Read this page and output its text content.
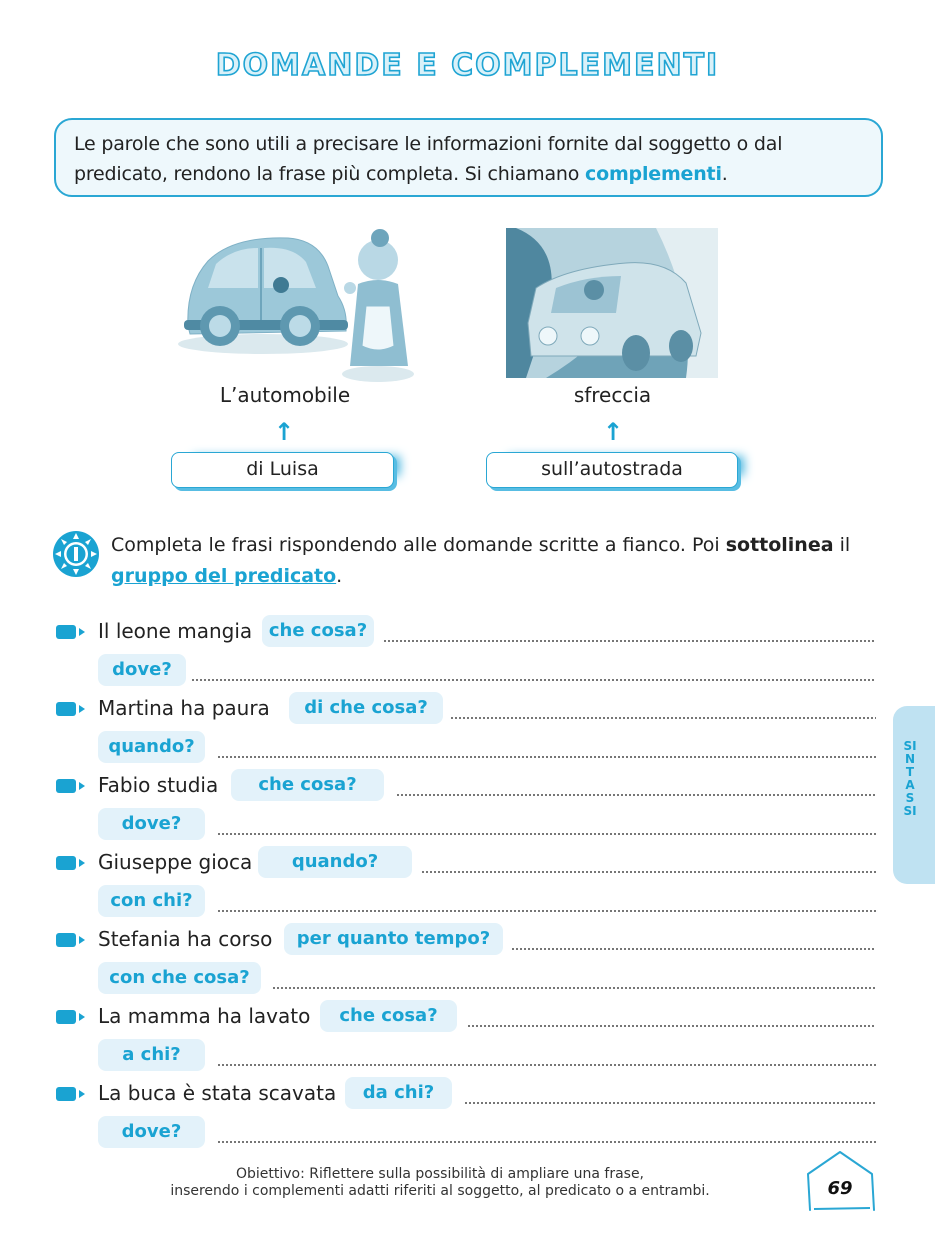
DOMANDE E COMPLEMENTI
Le parole che sono utili a precisare le informazioni fornite dal soggetto o dal predicato, rendono la frase più completa. Si chiamano complementi.
L’automobile	sfreccia
↑	↑
di Luisa	sull’autostrada
Completa le frasi rispondendo alle domande scritte a fianco. Poi sottolinea il gruppo del predicato.
Il leone mangia che cosa?
dove?
Martina ha paura	di che cosa?
quando?
Fabio studia	che cosa?
dove?
Giuseppe gioca	quando?
con chi?
Stefania ha corso	per quanto tempo?
con che cosa?
La mamma ha lavato	che cosa?
a chi?
La buca è stata scavata	da chi?
dove?
SINTASSI
Obiettivo: Riflettere sulla possibilità di ampliare una frase,
inserendo i complementi adatti riferiti al soggetto, al predicato o a entrambi.	69
